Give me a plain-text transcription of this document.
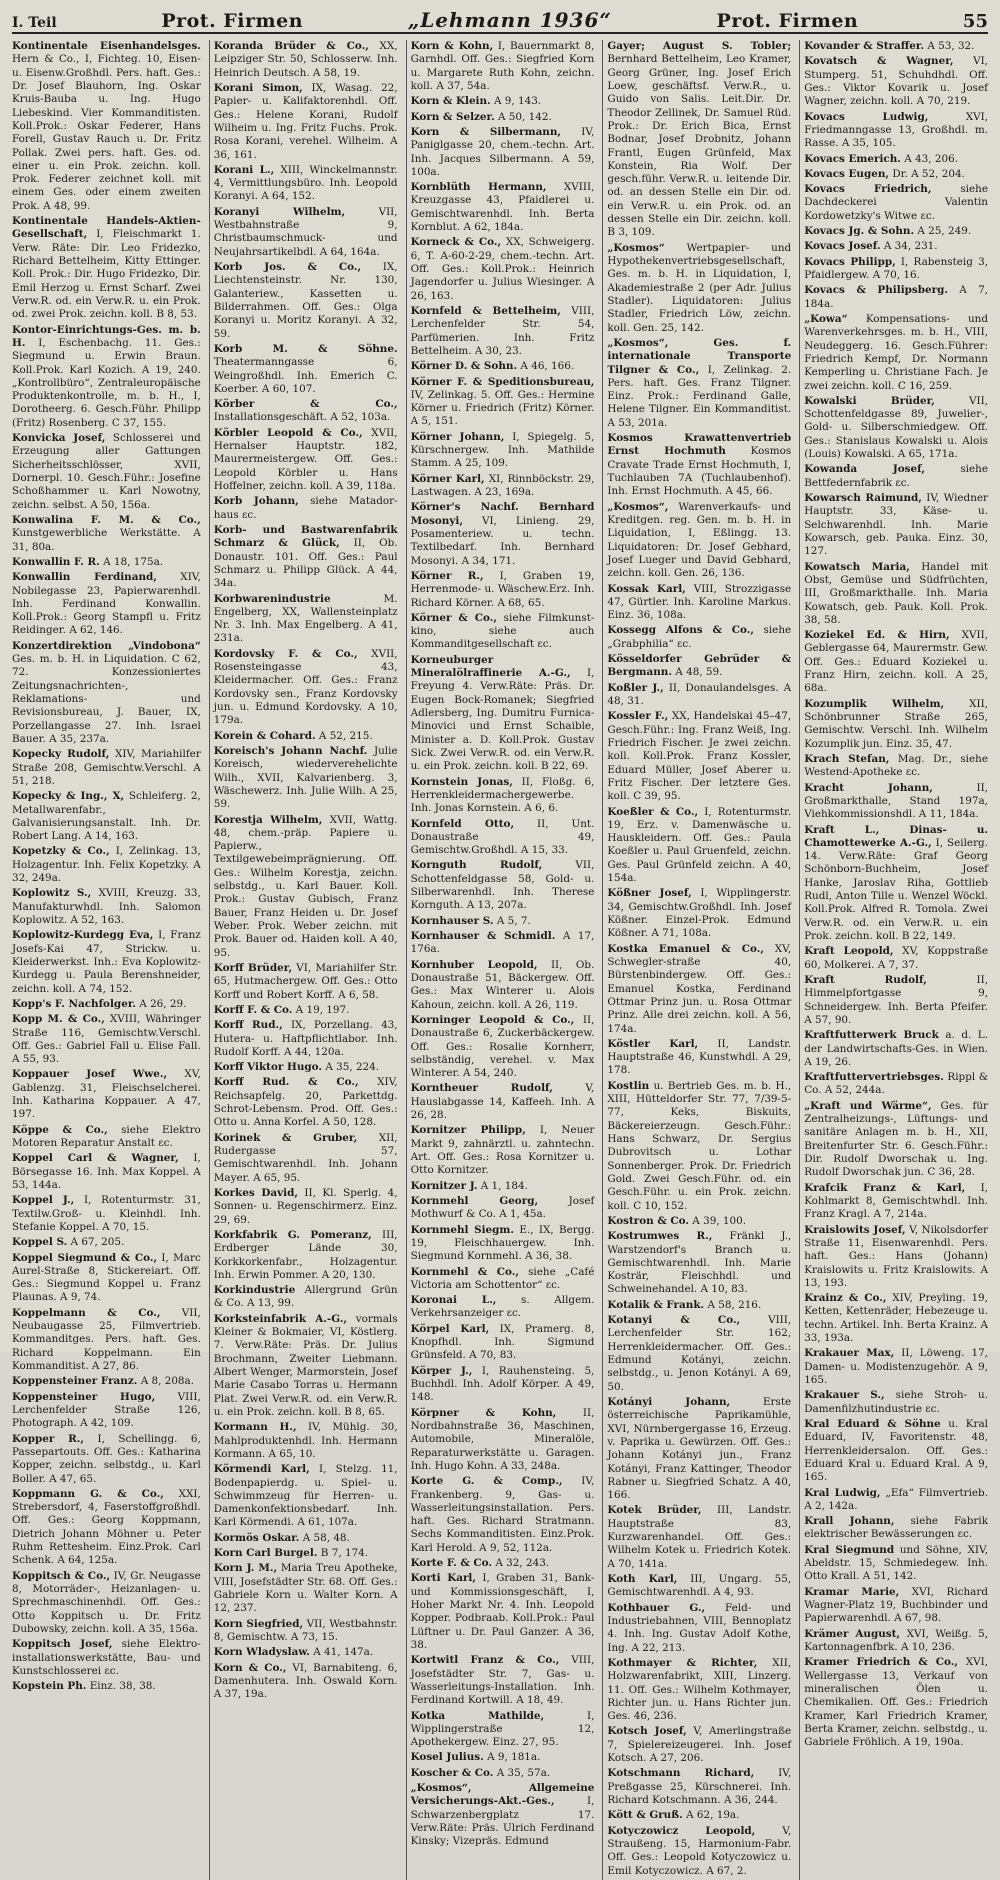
I. Teil	Prot. Firmen	„Lehmann 1936“	Prot. Firmen	55

Kontinentale Eisenhandelsges. Hern & Co., I, Fichteg. 10, Eisen- u. Eisenw.Großhdl. Pers. haft. Ges.: Dr. Josef Blauhorn, Ing. Oskar Kruis-Bauba u. Ing. Hugo Liebeskind. Vier Kommanditisten. Koll.Prok.: Oskar Federer, Hans Forell, Gustav Rauch u. Dr. Fritz Pollak. Zwei pers. haft. Ges. od. einer u. ein Prok. zeichn. koll. Prok. Federer zeichnet koll. mit einem Ges. oder einem zweiten Prok. A 48, 99.

Kontinentale Handels-Aktien-Gesellschaft, I, Fleischmarkt 1. Verw. Räte: Dir. Leo Fridezko, Richard Bettelheim, Kitty Ettinger. Koll. Prok.: Dir. Hugo Fridezko, Dir. Emil Herzog u. Ernst Scharf. Zwei Verw.R. od. ein Verw.R. u. ein Prok. od. zwei Prok. zeichn. koll. B 8, 53.

Kontor-Einrichtungs-Ges. m. b. H. I, Eschenbachg. 11. Ges.: Siegmund u. Erwin Braun. Koll.Prok. Karl Kozich. A 19, 240. „Kontrollbüro“, Zentraleuropäische Produktenkontrolle, m. b. H., I, Dorotheerg. 6. Gesch.Führ. Philipp (Fritz) Rosenberg. C 37, 155.

Konvicka Josef, Schlosserei und Erzeugung aller Gattungen Sicherheitsschlösser, XVII, Dornerpl. 10. Gesch.Führ.: Josefine Schoßhammer u. Karl Nowotny, zeichn. selbst. A 50, 156a.

Konwalina F. M. & Co., Kunstgewerbliche Werkstätte. A 31, 80a.

Konwallin F. R. A 18, 175a.

Konwallin Ferdinand, XIV, Nobilegasse 23, Papierwarenhdl. Inh. Ferdinand Konwallin. Koll.Prok.: Georg Stampfl u. Fritz Reidinger. A 62, 146.

Konzertdirektion „Vindobona“ Ges. m. b. H. in Liquidation. C 62, 72. Konzessioniertes Zeitungsnachrichten-, Reklamations- und Revisionsbureau, J. Bauer, IX, Porzellangasse 27. Inh. Israel Bauer. A 35, 237a.

Kopecky Rudolf, XIV, Mariahilfer Straße 208, Gemischtw.Verschl. A 51, 218.

Kopecky & Ing., X, Schleiferg. 2, Metallwarenfabr., Galvanisierungsanstalt. Inh. Dr. Robert Lang. A 14, 163.

Kopetzky & Co., I, Zelinkag. 13, Holzagentur. Inh. Felix Kopetzky. A 32, 249a.

Koplowitz S., XVIII, Kreuzg. 33, Manufakturwhdl. Inh. Salomon Koplowitz. A 52, 163.

Koplowitz-Kurdegg Eva, I, Franz Josefs-Kai 47, Strickw. u. Kleiderwerkst. Inh.: Eva Koplowitz-Kurdegg u. Paula Berenshneider, zeichn. koll. A 74, 152.

Kopp's F. Nachfolger. A 26, 29.

Kopp M. & Co., XVIII, Währinger Straße 116, Gemischtw.Verschl. Off. Ges.: Gabriel Fall u. Elise Fall. A 55, 93.

Koppauer Josef Wwe., XV, Gablenzg. 31, Fleischselcherei. Inh. Katharina Koppauer. A 47, 197.

Köppe & Co., siehe Elektro Motoren Reparatur Anstalt ɛc.

Koppel Carl & Wagner, I, Börsegasse 16. Inh. Max Koppel. A 53, 144a.

Koppel J., I, Rotenturmstr. 31, Textilw.Groß- u. Kleinhdl. Inh. Stefanie Koppel. A 70, 15.

Koppel S. A 67, 205.

Koppel Siegmund & Co., I, Marc Aurel-Straße 8, Stickereiart. Off. Ges.: Siegmund Koppel u. Franz Plaunas. A 9, 74.

Koppelmann & Co., VII, Neubaugasse 25, Filmvertrieb. Kommanditges. Pers. haft. Ges. Richard Koppelmann. Ein Kommanditist. A 27, 86.

Koppensteiner Franz. A 8, 208a.

Koppensteiner Hugo, VIII, Lerchenfelder Straße 126, Photograph. A 42, 109.

Kopper R., I, Schellingg. 6, Passepartouts. Off. Ges.: Katharina Kopper, zeichn. selbstdg., u. Karl Boller. A 47, 65.

Koppmann G. & Co., XXI, Strebersdorf, 4, Faserstoffgroßhdl. Off. Ges.: Georg Koppmann, Dietrich Johann Möhner u. Peter Ruhm Rettesheim. Einz.Prok. Carl Schenk. A 64, 125a.

Koppitsch & Co., IV, Gr. Neugasse 8, Motorräder-, Heizanlagen- u. Sprechmaschinenhdl. Off. Ges.: Otto Koppitsch u. Dr. Fritz Dubowsky, zeichn. koll. A 35, 156a.

Koppitsch Josef, siehe Elektro-installationswerkstätte, Bau- und Kunstschlosserei ɛc.

Kopstein Ph. Einz. 38, 38.

Koranda Brüder & Co., XX, Leipziger Str. 50, Schlosserw. Inh. Heinrich Deutsch. A 58, 19.

Korani Simon, IX, Wasag. 22, Papier- u. Kalifaktorenhdl. Off. Ges.: Helene Korani, Rudolf Wilheim u. Ing. Fritz Fuchs. Prok. Rosa Korani, verehel. Wilheim. A 36, 161.

Korani L., XIII, Winckelmannstr. 4, Vermittlungsbüro. Inh. Leopold Koranyi. A 64, 152.

Koranyi Wilhelm,	VII, Westbahnstraße 9, Christbaumschmuck- und Neujahrsartikelbdl. A 64, 164a.

Korb Jos. & Co., IX, Liechtensteinstr. Nr. 130, Galanteriew., Kassetten u. Bilderrahmen. Off. Ges.: Olga Koranyi u. Moritz Koranyi. A 32, 59.

Korb M. & Söhne. Theatermanngasse 6, Weingroßhdl. Inh. Emerich C. Koerber. A 60, 107.

Körber & Co., Installationsgeschäft. A 52, 103a.

Körbler Leopold & Co., XVII, Hernalser Hauptstr. 182, Maurermeistergew. Off. Ges.: Leopold Körbler u. Hans Hoffelner, zeichn. koll. A 39, 118a.

Korb Johann, siehe Matador-haus ɛc.

Korb- und Bastwarenfabrik Schmarz & Glück, II, Ob. Donaustr. 101. Off. Ges.: Paul Schmarz u. Philipp Glück. A 44, 34a.

Korbwarenindustrie	M. Engelberg, XX, Wallensteinplatz Nr. 3. Inh. Max Engelberg. A 41, 231a.

Kordovsky F. & Co., XVII, Rosensteingasse 43, Kleidermacher. Off. Ges.: Franz Kordovsky sen., Franz Kordovsky jun. u. Edmund Kordovsky. A 10, 179a.

Korein & Cohard. A 52, 215.

Koreisch's Johann Nachf. Julie Koreisch, wiederverehelichte Wilh., XVII, Kalvarienberg. 3, Wäschewerz. Inh. Julie Wilh. A 25, 59.

Korestja Wilhelm, XVII, Wattg. 48, chem.-präp. Papiere u. Papierw., Textilgewebeimprägnierung. Off. Ges.: Wilhelm Korestja, zeichn. selbstdg., u. Karl Bauer. Koll. Prok.: Gustav Gubisch, Franz Bauer, Franz Heiden u. Dr. Josef Weber. Prok. Weber zeichn. mit Prok. Bauer od. Haiden koll. A 40, 95.

Korff Brüder, VI, Mariahilfer Str. 65, Hutmachergew. Off. Ges.: Otto Korff und Robert Korff. A 6, 58.

Korff F. & Co. A 19, 197.

Korff Rud., IX, Porzellang. 43, Hutera- u. Haftpflichtlabor. Inh. Rudolf Korff. A 44, 120a.

Korff Viktor Hugo. A 35, 224.

Korff Rud. & Co., XIV, Reichsapfelg. 20, Parkettdg. Schrot-Lebensm. Prod. Off. Ges.: Otto u. Anna Korfel. A 50, 128.

Korinek & Gruber, XII, Rudergasse 57, Gemischtwarenhdl. Inh. Johann Mayer. A 65, 95.

Korkes David, II, Kl. Sperlg. 4, Sonnen- u. Regenschirmerz. Einz. 29, 69.

Korkfabrik G. Pomeranz, III, Erdberger Lände 30, Korkkorkenfabr., Holzagentur. Inh. Erwin Pommer. A 20, 130.

Korkindustrie Allergrund Grün & Co. A 13, 99.

Korksteinfabrik A.-G., vormals Kleiner & Bokmaier, VI, Köstlerg. 7. Verw.Räte: Präs. Dr. Julius Brochmann, Zweiter Liebmann. Albert Wenger, Marmorstein, Josef Marie Casabo Torras u. Hermann Plat. Zwei Verw.R. od. ein Verw.R. u. ein Prok. zeichn. koll. B 8, 65.

Kormann H., IV, Mühlg. 30, Mahlproduktenhdl. Inh. Hermann Kormann. A 65, 10.

Körmendi Karl, I, Stelzg. 11, Bodenpapierdg. u. Spiel- u. Schwimmzeug für Herren- u. Damenkonfektionsbedarf. Inh. Karl Körmendi. A 61, 107a.

Kormös Oskar. A 58, 48.

Korn Carl Burgel. B 7, 174.

Korn J. M., Maria Treu Apotheke, VIII, Josefstädter Str. 68. Off. Ges.: Gabriele Korn u. Walter Korn. A 12, 237.

Korn Siegfried, VII, Westbahnstr. 8, Gemischtw. A 73, 15.

Korn Wladyslaw. A 41, 147a.

Korn & Co., VI, Barnabiteng. 6, Damenhutera. Inh. Oswald Korn. A 37, 19a.

Korn & Kohn, I, Bauernmarkt 8, Garnhdl. Off. Ges.: Siegfried Korn u. Margarete Ruth Kohn, zeichn. koll. A 37, 54a.

Korn & Klein. A 9, 143.

Korn & Selzer. A 50, 142.

Korn & Silbermann, IV, Paniglgasse 20, chem.-techn. Art. Inh. Jacques Silbermann. A 59, 100a.

Kornblüth Hermann, XVIII, Kreuzgasse 43, Pfaidlerei u. Gemischtwarenhdl. Inh. Berta Kornblut. A 62, 184a.

Korneck & Co., XX, Schweigerg. 6, T. A-60-2-29, chem.-techn. Art. Off. Ges.: Koll.Prok.: Heinrich Jagendorfer u. Julius Wiesinger. A 26, 163.

Kornfeld & Bettelheim, VIII, Lerchenfelder Str. 54, Parfümerien. Inh. Fritz Bettelheim. A 30, 23.

Körner D. & Sohn. A 46, 166.

Körner F. & Speditionsbureau, IV, Zelinkag. 5. Off. Ges.: Hermine Körner u. Friedrich (Fritz) Körner. A 5, 151.

Körner Johann, I, Spiegelg. 5, Kürschnergew. Inh. Mathilde Stamm. A 25, 109.

Körner Karl, XI, Rinnböckstr. 29, Lastwagen. A 23, 169a.

Körner's Nachf. Bernhard Mosonyi, VI, Linieng. 29, Posamenteriew. u. techn. Textilbedarf. Inh. Bernhard Mosonyi. A 34, 171.

Körner R., I, Graben 19, Herrenmode- u. Wäschew.Erz. Inh. Richard Körner. A 68, 65.

Körner & Co., siehe Filmkunst-kino, siehe auch Kommanditgesellschaft ɛc.

Korneuburger Mineralölraffinerie A.-G., I, Freyung 4. Verw.Räte: Präs. Dr. Eugen Bock-Romanek; Siegfried Adlersberg, Ing. Dumitru Furnica-Minovici und Ernst Schaible, Minister a. D. Koll.Prok. Gustav Sick. Zwei Verw.R. od. ein Verw.R. u. ein Prok. zeichn. koll. B 22, 69.

Kornstein Jonas, II, Floßg. 6, Herrenkleidermachergewerbe. Inh. Jonas Kornstein. A 6, 6.

Kornfeld Otto, II, Unt. Donaustraße 49, Gemischtw.Großhdl. A 15, 33.

Kornguth Rudolf,	VII, Schottenfeldgasse 58, Gold- u. Silberwarenhdl. Inh. Therese Kornguth. A 13, 207a.

Kornhauser S. A 5, 7.

Kornhauser & Schmidl. A 17, 176a.

Kornhuber Leopold, II, Ob. Donaustraße 51, Bäckergew. Off. Ges.: Max Winterer u. Alois Kahoun, zeichn. koll. A 26, 119.

Korninger Leopold & Co., II, Donaustraße 6, Zuckerbäckergew. Off. Ges.: Rosalie Kornherr, selbständig, verehel. v. Max Winterer. A 54, 240.

Korntheuer Rudolf,	V, Hauslabgasse 14, Kaffeeh. Inh. A 26, 28.

Kornitzer Philipp, I, Neuer Markt 9, zahnärztl. u. zahntechn. Art. Off. Ges.: Rosa Kornitzer u. Otto Kornitzer.

Kornitzer J. A 1, 184.

Kornmehl Georg,	Josef Mothwurf & Co. A 1, 45a.

Kornmehl Siegm. E., IX, Bergg. 19, Fleischhauergew. Inh. Siegmund Kornmehl. A 36, 38.

Kornmehl & Co., siehe „Café Victoria am Schottentor“ ɛc.

Koronai L., s. Allgem. Verkehrsanzeiger ɛc.

Körpel Karl, IX, Pramerg. 8, Knopfhdl. Inh. Sigmund Grünsfeld. A 70, 83.

Körper J., I, Rauhensteing. 5, Buchhdl. Inh. Adolf Körper. A 49, 148.

Körpner & Kohn,	II, Nordbahnstraße 36, Maschinen, Automobile, Mineralöle, Reparaturwerkstätte u. Garagen. Inh. Hugo Kohn. A 33, 248a.

Korte G. & Comp., IV, Frankenberg. 9, Gas- u. Wasserleitungsinstallation. Pers. haft. Ges. Richard Stratmann. Sechs Kommanditisten. Einz.Prok. Karl Herold. A 9, 52, 112a.

Korte F. & Co. A 32, 243.

Korti Karl, I, Graben 31, Bank- und Kommissionsgeschäft, I, Hoher Markt Nr. 4. Inh. Leopold Kopper. Podbraab. Koll.Prok.: Paul Lüftner u. Dr. Paul Ganzer. A 36, 38.

Kortwitl Franz & Co., VIII, Josefstädter Str. 7, Gas- u. Wasserleitungs-Installation. Inh. Ferdinand Kortwill. A 18, 49.

Kotka Mathilde,	I, Wipplingerstraße 12, Apothekergew. Einz. 27, 95.

Kosel Julius. A 9, 181a.

Koscher & Co. A 35, 57a.

„Kosmos“, Allgemeine Versicherungs-Akt.-Ges.,	I, Schwarzenbergplatz 17. Verw.Räte: Präs. Ulrich Ferdinand Kinsky; Vizepräs. Edmund

Gayer; August S. Tobler; Bernhard Bettelheim, Leo Kramer, Georg Grüner, Ing. Josef Erich Loew, geschäftsf. Verw.R., u. Guido von Salis. Leit.Dir. Dr. Theodor Zellinek, Dr. Samuel Rüd. Prok.: Dr. Erich Bica, Ernst Bodnar, Josef Drobnitz, Johann Frantl, Eugen Grünfeld, Max Konstein, Ria Wolf. Der gesch.führ. Verw.R. u. leitende Dir. od. an dessen Stelle ein Dir. od. ein Verw.R. u. ein Prok. od. an dessen Stelle ein Dir. zeichn. koll. B 3, 109.

„Kosmos“ Wertpapier- und Hypothekenvertriebsgesellschaft, Ges. m. b. H. in Liquidation, I, Akademiestraße 2 (per Adr. Julius Stadler). Liquidatoren: Julius Stadler, Friedrich Löw, zeichn. koll. Gen. 25, 142.

„Kosmos“, Ges. f. internationale Transporte Tilgner & Co., I, Zelinkag. 2. Pers. haft. Ges. Franz Tilgner. Einz. Prok.: Ferdinand Galle, Helene Tilgner. Ein Kommanditist. A 53, 201a.

Kosmos Krawattenvertrieb Ernst Hochmuth Kosmos Cravate Trade Ernst Hochmuth, I, Tuchlauben 7A (Tuchlaubenhof). Inh. Ernst Hochmuth. A 45, 66.

„Kosmos“, Warenverkaufs- und Kreditgen. reg. Gen. m. b. H. in Liquidation, I, Eßlingg. 13. Liquidatoren: Dr. Josef Gebhard, Josef Lueger und David Gebhard, zeichn. koll. Gen. 26, 136.

Kossak Karl, VIII, Strozzigasse 47, Gürtler. Inh. Karoline Markus. Einz. 36, 108a.

Kossegg Alfons & Co., siehe „Grabphilia“ ɛc.

Kösseldorfer Gebrüder & Bergmann. A 48, 59.

Koßler J., II, Donaulandelsges. A 48, 31.

Kossler F., XX, Handelskai 45–47, Gesch.Führ.: Ing. Franz Weiß, Ing. Friedrich Fischer. Je zwei zeichn. koll. Koll.Prok. Franz Kossler, Eduard Müller, Josef Aberer u. Fritz Fischer. Der letztere Ges. koll. C 39, 95.

Koeßler & Co., I, Rotenturmstr. 19, Erz. v. Damenwäsche u. Hauskleidern. Off. Ges.: Paula Koeßler u. Paul Gruenfeld, zeichn. Ges. Paul Grünfeld zeichn. A 40, 154a.

Kößner Josef, I, Wipplingerstr. 34, Gemischtw.Großhdl. Inh. Josef Kößner. Einzel-Prok. Edmund Kößner. A 71, 108a.

Kostka Emanuel & Co., XV, Schwegler-straße 40, Bürstenbindergew. Off. Ges.: Emanuel Kostka, Ferdinand Ottmar Prinz jun. u. Rosa Ottmar Prinz. Alle drei zeichn. koll. A 56, 174a.

Köstler Karl, II, Landstr. Hauptstraße 46, Kunstwhdl. A 29, 178.

Kostlin u. Bertrieb Ges. m. b. H., XIII, Hütteldorfer Str. 77, 7/39-5-77, Keks, Biskuits, Bäckereierzeugn. Gesch.Führ.: Hans Schwarz, Dr. Sergius Dubrovitsch u. Lothar Sonnenberger. Prok. Dr. Friedrich Gold. Zwei Gesch.Führ. od. ein Gesch.Führ. u. ein Prok. zeichn. koll. C 10, 152.

Kostron & Co. A 39, 100.

Kostrumwes R., Fränkl J., Warstzendorf's Branch u. Gemischtwarenhdl. Inh. Marie Kosträr, Fleischhdl. und Schweinehandel. A 10, 83.

Kotalik & Frank. A 58, 216.

Kotanyi & Co.,	VIII, Lerchenfelder Str. 162, Herrenkleidermacher. Off. Ges.: Edmund Kotányi, zeichn. selbstdg., u. Jenon Kotányi. A 69, 50.

Kotányi Johann,	Erste österreichische Paprikamühle, XVI, Nürnbergergasse 16, Erzeug. v. Paprika u. Gewürzen. Off. Ges.: Johann Kotányi jun., Franz Kotányi, Franz Kattinger, Theodor Rabner u. Siegfried Schatz. A 40, 166.

Kotek Brüder, III, Landstr. Hauptstraße 83, Kurzwarenhandel. Off. Ges.: Wilhelm Kotek u. Friedrich Kotek. A 70, 141a.

Koth Karl, III, Ungarg. 55, Gemischtwarenhdl. A 4, 93.

Kothbauer G., Feld- und Industriebahnen, VIII, Bennoplatz 4. Inh. Ing. Gustav Adolf Kothe, Ing. A 22, 213.

Kothmayer & Richter, XII, Holzwarenfabrikt, XIII, Linzerg. 11. Off. Ges.: Wilhelm Kothmayer, Richter jun. u. Hans Richter jun. Ges. 46, 236.

Kotsch Josef, V, Amerlingstraße 7, Spielereizeugerei. Inh. Josef Kotsch. A 27, 206.

Kotschmann Richard, IV, Preßgasse 25, Kürschnerei. Inh. Richard Kotschmann. A 36, 244.

Kött & Gruß. A 62, 19a.

Kotyczowicz Leopold,	V, Straußeng. 15, Harmonium-Fabr. Off. Ges.: Leopold Kotyczowicz u. Emil Kotyczowicz. A 67, 2.

Kovander & Straffer. A 53, 32.

Kovatsch & Wagner, VI, Stumperg. 51, Schuhdhdl. Off. Ges.: Viktor Kovarik u. Josef Wagner, zeichn. koll. A 70, 219.

Kovacs Ludwig,	XVI, Friedmanngasse 13, Großhdl. m. Rasse. A 35, 105.

Kovacs Emerich. A 43, 206.

Kovacs Eugen, Dr. A 52, 204.

Kovacs Friedrich,	siehe Dachdeckerei Valentin Kordowetzky's Witwe ɛc.

Kovacs Jg. & Sohn. A 25, 249.

Kovacs Josef. A 34, 231.

Kovacs Philipp, I, Rabensteig 3, Pfaidlergew. A 70, 16.

Kovacs & Philipsberg. A 7, 184a.

„Kowa“ Kompensations- und Warenverkehrsges. m. b. H., VIII, Neudeggerg. 16. Gesch.Führer: Friedrich Kempf, Dr. Normann Kemperling u. Christiane Fach. Je zwei zeichn. koll. C 16, 259.

Kowalski Brüder,	VII, Schottenfeldgasse 89, Juwelier-, Gold- u. Silberschmiedgew. Off. Ges.: Stanislaus Kowalski u. Alois (Louis) Kowalski. A 65, 171a.

Kowanda Josef,	siehe Bettfedernfabrik ɛc.

Kowarsch Raimund, IV, Wiedner Hauptstr. 33, Käse- u. Selchwarenhdl. Inh. Marie Kowarsch, geb. Pauka. Einz. 30, 127.

Kowatsch Maria, Handel mit Obst, Gemüse und Südfrüchten, III, Großmarkthalle. Inh. Maria Kowatsch, geb. Pauk. Koll. Prok. 38, 58.

Koziekel Ed. & Hirn, XVII, Geblergasse 64, Maurermstr. Gew. Off. Ges.: Eduard Koziekel u. Franz Hirn, zeichn. koll. A 25, 68a.

Kozumplik Wilhelm, XII, Schönbrunner Straße 265, Gemischtw. Verschl. Inh. Wilhelm Kozumplik jun. Einz. 35, 47.

Krach Stefan, Mag. Dr., siehe Westend-Apotheke ɛc.

Kracht Johann,	II, Großmarkthalle, Stand 197a, Viehkommissionshdl. A 11, 184a.

Kraft L., Dinas- u. Chamottewerke A.-G., I, Seilerg. 14. Verw.Räte: Graf Georg Schönborn-Buchheim, Josef Hanke, Jaroslav Riha, Gottlieb Rudl, Anton Tille u. Wenzel Wöckl. Koll.Prok. Alfred R. Tomola. Zwei Verw.R. od. ein Verw.R. u. ein Prok. zeichn. koll. B 22, 149.

Kraft Leopold, XV, Koppstraße 60, Molkerei. A 7, 37.

Kraft Rudolf,	II, Himmelpfortgasse 9, Schneidergew. Inh. Berta Pfeifer. A 57, 90.

Kraftfutterwerk Bruck a. d. L. der Landwirtschafts-Ges. in Wien. A 19, 26.

Kraftfuttervertriebsges. Rippl & Co. A 52, 244a.

„Kraft und Wärme“, Ges. für Zentralheizungs-, Lüftungs- und sanitäre Anlagen m. b. H., XII, Breitenfurter Str. 6. Gesch.Führ.: Dir. Rudolf Dworschak u. Ing. Rudolf Dworschak jun. C 36, 28.

Krafcik Franz & Karl, I, Kohlmarkt 8, Gemischtwhdl. Inh. Franz Kragl. A 7, 214a.

Kraislowits Josef, V, Nikolsdorfer Straße 11, Eisenwarenhdl. Pers. haft. Ges.: Hans (Johann) Kraislowits u. Fritz Kraislowits. A 13, 193.

Krainz & Co., XIV, Preyling. 19, Ketten, Kettenräder, Hebezeuge u. techn. Artikel. Inh. Berta Krainz. A 33, 193a.

Krakauer Max, II, Löweng. 17, Damen- u. Modistenzugehör. A 9, 165.

Krakauer S., siehe Stroh- u. Damenfilzhutindustrie ɛc.

Kral Eduard & Söhne u. Kral Eduard, IV, Favoritenstr. 48, Herrenkleidersalon. Off. Ges.: Eduard Kral u. Eduard Kral. A 9, 165.

Kral Ludwig, „Efa“ Filmvertrieb. A 2, 142a.

Krall Johann, siehe Fabrik elektrischer Bewässerungen ɛc.

Kral Siegmund und Söhne, XIV, Abeldstr. 15, Schmiedegew. Inh. Otto Krall. A 51, 142.

Kramar Marie, XVI, Richard Wagner-Platz 19, Buchbinder und Papierwarenhdl. A 67, 98.

Krämer August, XVI, Weißg. 5, Kartonnagenfbrk. A 10, 236.

Kramer Friedrich & Co., XVI, Wellergasse 13, Verkauf von mineralischen Ölen u. Chemikalien. Off. Ges.: Friedrich Kramer, Karl Friedrich Kramer, Berta Kramer, zeichn. selbstdg., u. Gabriele Fröhlich. A 19, 190a.
